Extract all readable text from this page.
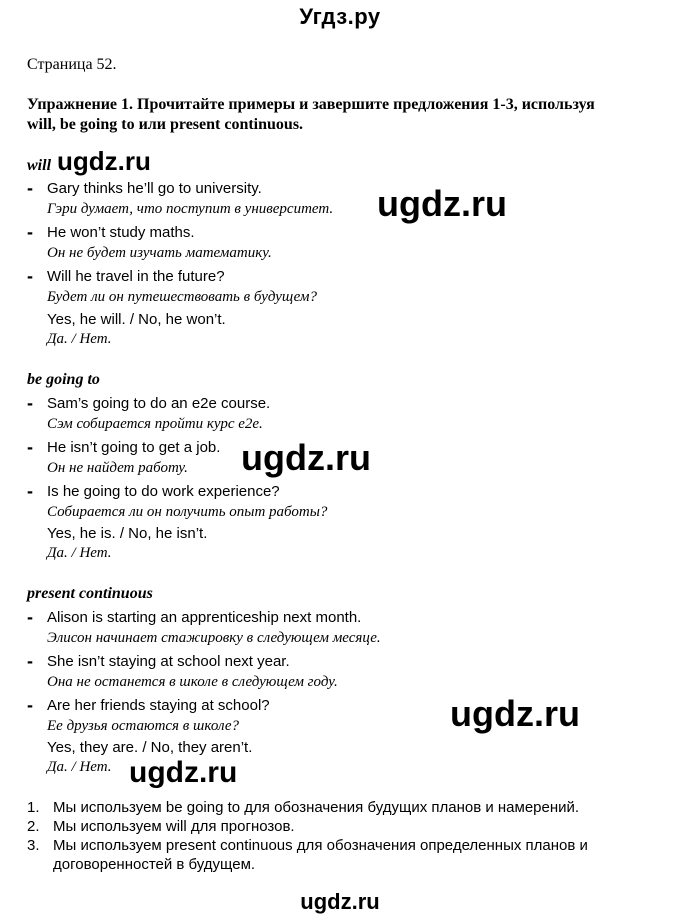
Угдз.ру
Страница 52.
Упражнение 1. Прочитайте примеры и завершите предложения 1-3, используя will, be going to или present continuous.
will ugdz.ru
- Gary thinks he’ll go to university.
Гэри думает, что поступит в университет. ugdz.ru
- He won’t study maths.
Он не будет изучать математику.
- Will he travel in the future?
Будет ли он путешествовать в будущем?
Yes, he will. / No, he won’t.
Да. / Нет.
be going to
- Sam’s going to do an e2e course.
Сэм собирается пройти курс e2e.
- He isn’t going to get a job.
Он не найдет работу. ugdz.ru
- Is he going to do work experience?
Собирается ли он получить опыт работы?
Yes, he is. / No, he isn’t.
Да. / Нет.
present continuous
- Alison is starting an apprenticeship next month.
Элисон начинает стажировку в следующем месяце.
- She isn’t staying at school next year.
Она не останется в школе в следующем году.
- Are her friends staying at school?
Ее друзья остаются в школе?	ugdz.ru
Yes, they are. / No, they aren’t.
Да. / Нет. ugdz.ru
1. Мы используем be going to для обозначения будущих планов и намерений.
2. Мы используем will для прогнозов.
3. Мы используем present continuous для обозначения определенных планов и договоренностей в будущем.
ugdz.ru
